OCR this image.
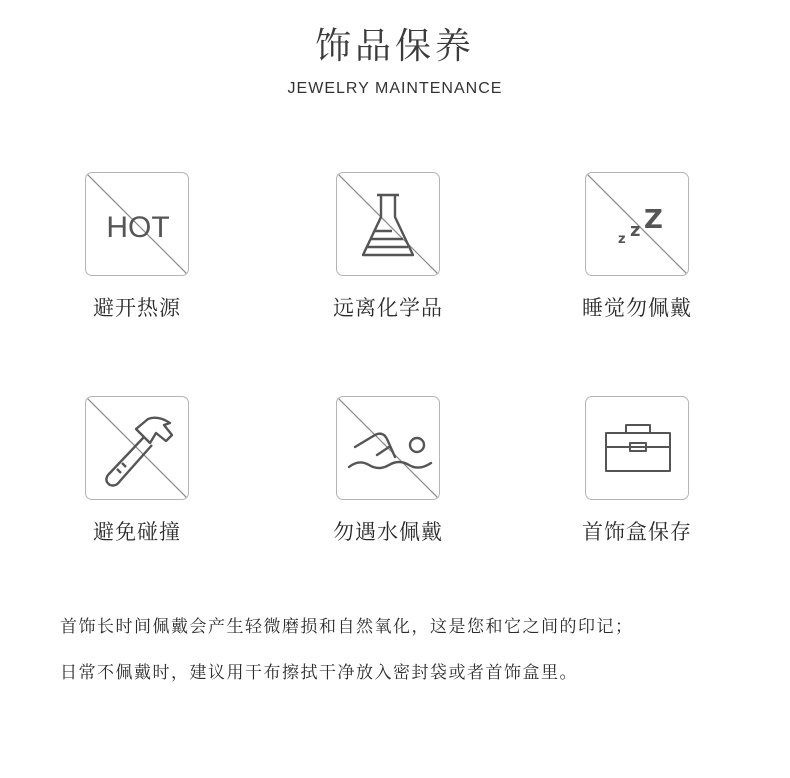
饰品保养
JEWELRY MAINTENANCE
HOT
避开热源	远离化学品
z z Z
睡觉勿佩戴
避免碰撞	勿遇水佩戴	首饰盒保存
首饰长时间佩戴会产生轻微磨损和自然氧化，这是您和它之间的印记；
日常不佩戴时，建议用干布擦拭干净放入密封袋或者首饰盒里。
